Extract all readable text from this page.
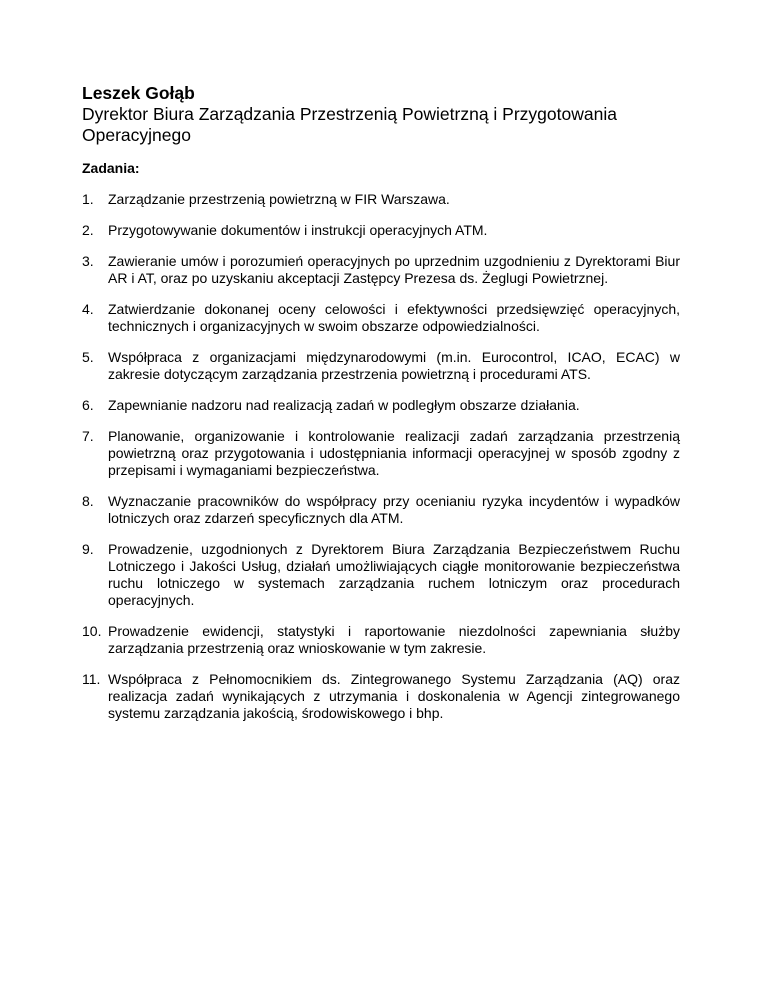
Leszek Gołąb

Dyrektor Biura Zarządzania Przestrzenią Powietrzną i Przygotowania Operacyjnego

Zadania:

1.	Zarządzanie przestrzenią powietrzną w FIR Warszawa.
2.	Przygotowywanie dokumentów i instrukcji operacyjnych ATM.
3.	Zawieranie umów i porozumień operacyjnych po uprzednim uzgodnieniu z Dyrektorami Biur AR i AT, oraz po uzyskaniu akceptacji Zastępcy Prezesa ds. Żeglugi Powietrznej.
4.	Zatwierdzanie dokonanej oceny celowości i efektywności przedsięwzięć operacyjnych, technicznych i organizacyjnych w swoim obszarze odpowiedzialności.
5.	Współpraca z organizacjami międzynarodowymi (m.in. Eurocontrol, ICAO, ECAC) w zakresie dotyczącym zarządzania przestrzenia powietrzną i procedurami ATS.
6.	Zapewnianie nadzoru nad realizacją zadań w podległym obszarze działania.
7.	Planowanie, organizowanie i kontrolowanie realizacji zadań zarządzania przestrzenią powietrzną oraz przygotowania i udostępniania informacji operacyjnej w sposób zgodny z przepisami i wymaganiami bezpieczeństwa.
8.	Wyznaczanie pracowników do współpracy przy ocenianiu ryzyka incydentów i wypadków lotniczych oraz zdarzeń specyficznych dla ATM.
9.	Prowadzenie, uzgodnionych z Dyrektorem Biura Zarządzania Bezpieczeństwem Ruchu Lotniczego i Jakości Usług, działań umożliwiających ciągłe monitorowanie bezpieczeństwa ruchu lotniczego w systemach zarządzania ruchem lotniczym oraz procedurach operacyjnych.
10. Prowadzenie ewidencji, statystyki i raportowanie niezdolności zapewniania służby zarządzania przestrzenią oraz wnioskowanie w tym zakresie.
11. Współpraca z Pełnomocnikiem ds. Zintegrowanego Systemu Zarządzania (AQ) oraz realizacja zadań wynikających z utrzymania i doskonalenia w Agencji zintegrowanego systemu zarządzania jakością, środowiskowego i bhp.
